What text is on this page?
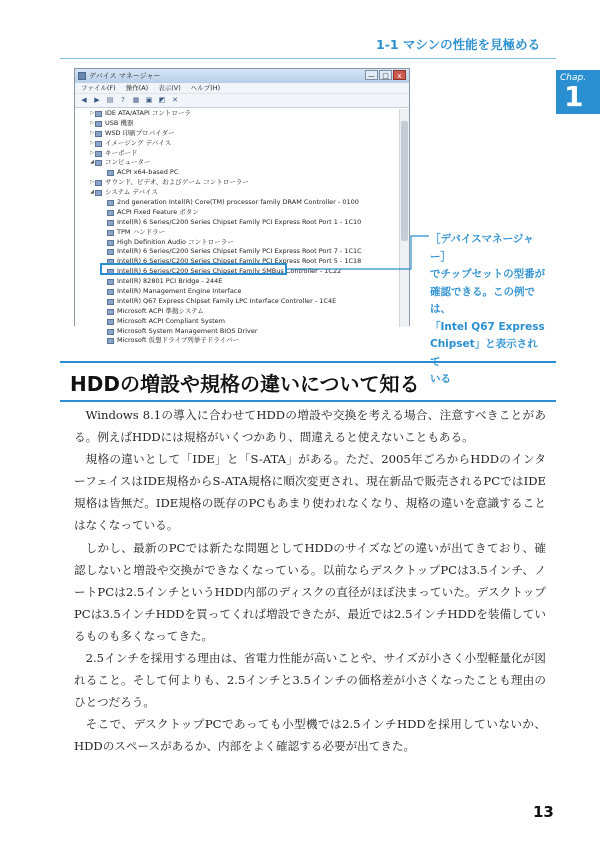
1-1 マシンの性能を見極める
Chap.
1
デバイス マネージャー	—	□	x
ファイル(F) 操作(A) 表示(V) ヘルプ(H)
◀	▶	▤	?	▦ ▣ ◩ ✕
▷ IDE ATA/ATAPI コントローラ
▷ USB 機器
▷ WSD 印刷プロバイダー
▷ イメージング デバイス
▷ キーボード
◢ コンピューター
ACPI x64-based PC
▷ サウンド、ビデオ、およびゲーム コントローラー
◢ システム デバイス
2nd generation Intel(R) Core(TM) processor family DRAM Controller - 0100
ACPI Fixed Feature ボタン
Intel(R) 6 Series/C200 Series Chipset Family PCI Express Root Port 1 - 1C10
TPM ハンドラー
High Definition Audio コントローラー
Intel(R) 6 Series/C200 Series Chipset Family PCI Express Root Port 7 - 1C1C
Intel(R) 6 Series/C200 Series Chipset Family PCI Express Root Port 5 - 1C18
Intel(R) 6 Series/C200 Series Chipset Family SMBus Controller - 1C22
Intel(R) 82801 PCI Bridge - 244E
Intel(R) Management Engine Interface
Intel(R) Q67 Express Chipset Family LPC Interface Controller - 1C4E
Microsoft ACPI 準拠システム
Microsoft ACPI Compliant System
Microsoft System Management BIOS Driver
Microsoft 仮想ドライブ列挙子ドライバー
［デバイスマネージャー］
でチップセットの型番が
確認できる。この例では、
「Intel Q67 Express
Chipset」と表示されて
いる
HDDの増設や規格の違いについて知る

Windows 8.1の導入に合わせてHDDの増設や交換を考える場合、注意すべきことがある。例えばHDDには規格がいくつかあり、間違えると使えないこともある。

規格の違いとして「IDE」と「S-ATA」がある。ただ、2005年ごろからHDDのインターフェイスはIDE規格からS-ATA規格に順次変更され、現在新品で販売されるPCではIDE規格は皆無だ。IDE規格の既存のPCもあまり使われなくなり、規格の違いを意識することはなくなっている。

しかし、最新のPCでは新たな問題としてHDDのサイズなどの違いが出てきており、確認しないと増設や交換ができなくなっている。以前ならデスクトップPCは3.5インチ、ノートPCは2.5インチというHDD内部のディスクの直径がほぼ決まっていた。デスクトップPCは3.5インチHDDを買ってくれば増設できたが、最近では2.5インチHDDを装備しているものも多くなってきた。

2.5インチを採用する理由は、省電力性能が高いことや、サイズが小さく小型軽量化が図れること。そして何よりも、2.5インチと3.5インチの価格差が小さくなったことも理由のひとつだろう。

そこで、デスクトップPCであっても小型機では2.5インチHDDを採用していないか、HDDのスペースがあるか、内部をよく確認する必要が出てきた。

13
